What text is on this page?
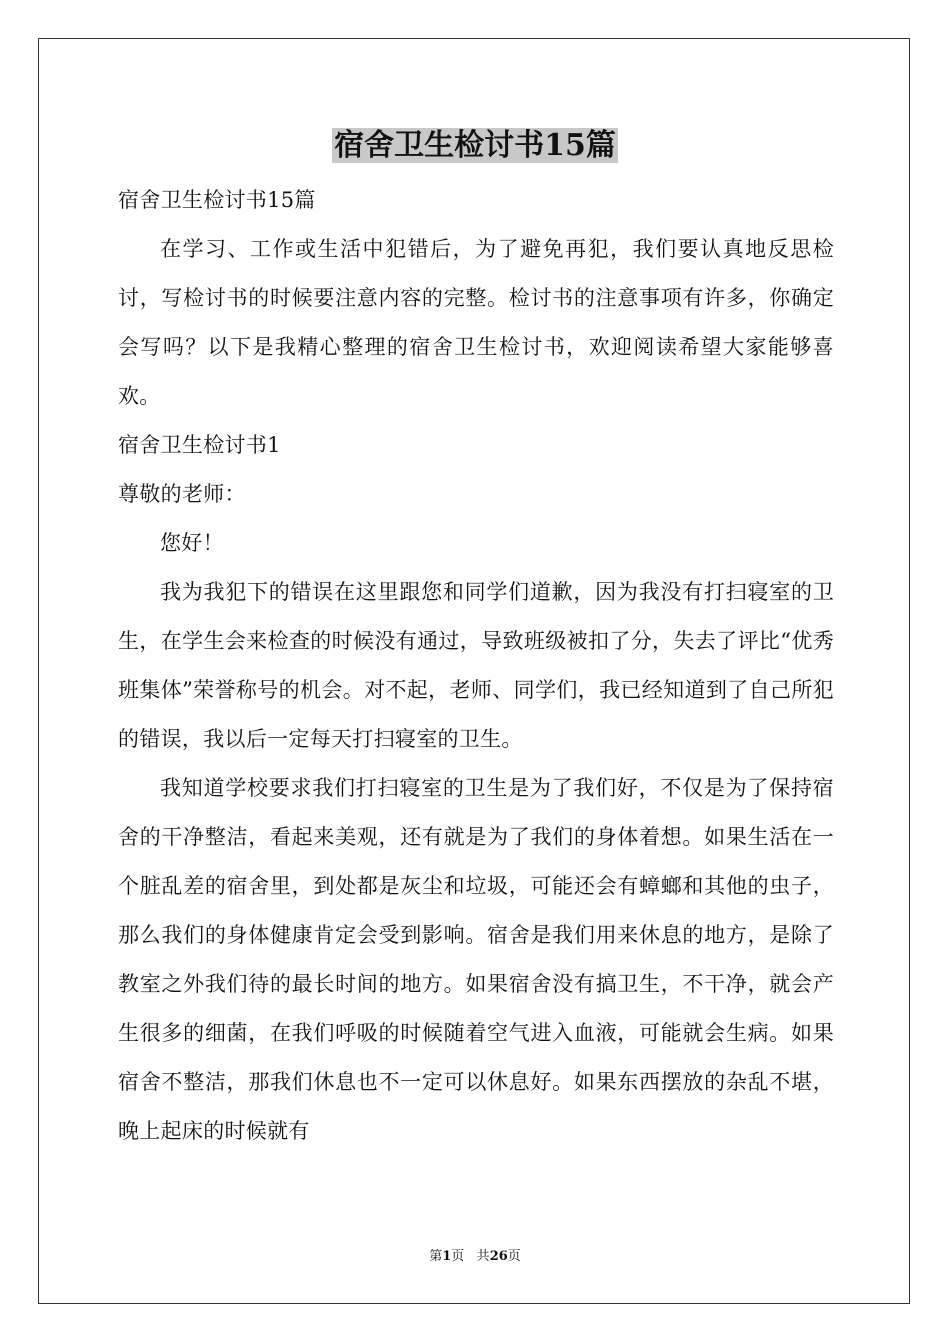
宿舍卫生检讨书15篇

宿舍卫生检讨书15篇

在学习、工作或生活中犯错后，为了避免再犯，我们要认真地反思检讨，写检讨书的时候要注意内容的完整。检讨书的注意事项有许多，你确定会写吗？以下是我精心整理的宿舍卫生检讨书，欢迎阅读希望大家能够喜欢。

宿舍卫生检讨书1

尊敬的老师：

您好！

我为我犯下的错误在这里跟您和同学们道歉，因为我没有打扫寝室的卫生，在学生会来检查的时候没有通过，导致班级被扣了分，失去了评比“优秀班集体”荣誉称号的机会。对不起，老师、同学们，我已经知道到了自己所犯的错误，我以后一定每天打扫寝室的卫生。

我知道学校要求我们打扫寝室的卫生是为了我们好，不仅是为了保持宿舍的干净整洁，看起来美观，还有就是为了我们的身体着想。如果生活在一个脏乱差的宿舍里，到处都是灰尘和垃圾，可能还会有蟑螂和其他的虫子，那么我们的身体健康肯定会受到影响。宿舍是我们用来休息的地方，是除了教室之外我们待的最长时间的地方。如果宿舍没有搞卫生，不干净，就会产生很多的细菌，在我们呼吸的时候随着空气进入血液，可能就会生病。如果宿舍不整洁，那我们休息也不一定可以休息好。如果东西摆放的杂乱不堪，晚上起床的时候就有

第1页 共26页
